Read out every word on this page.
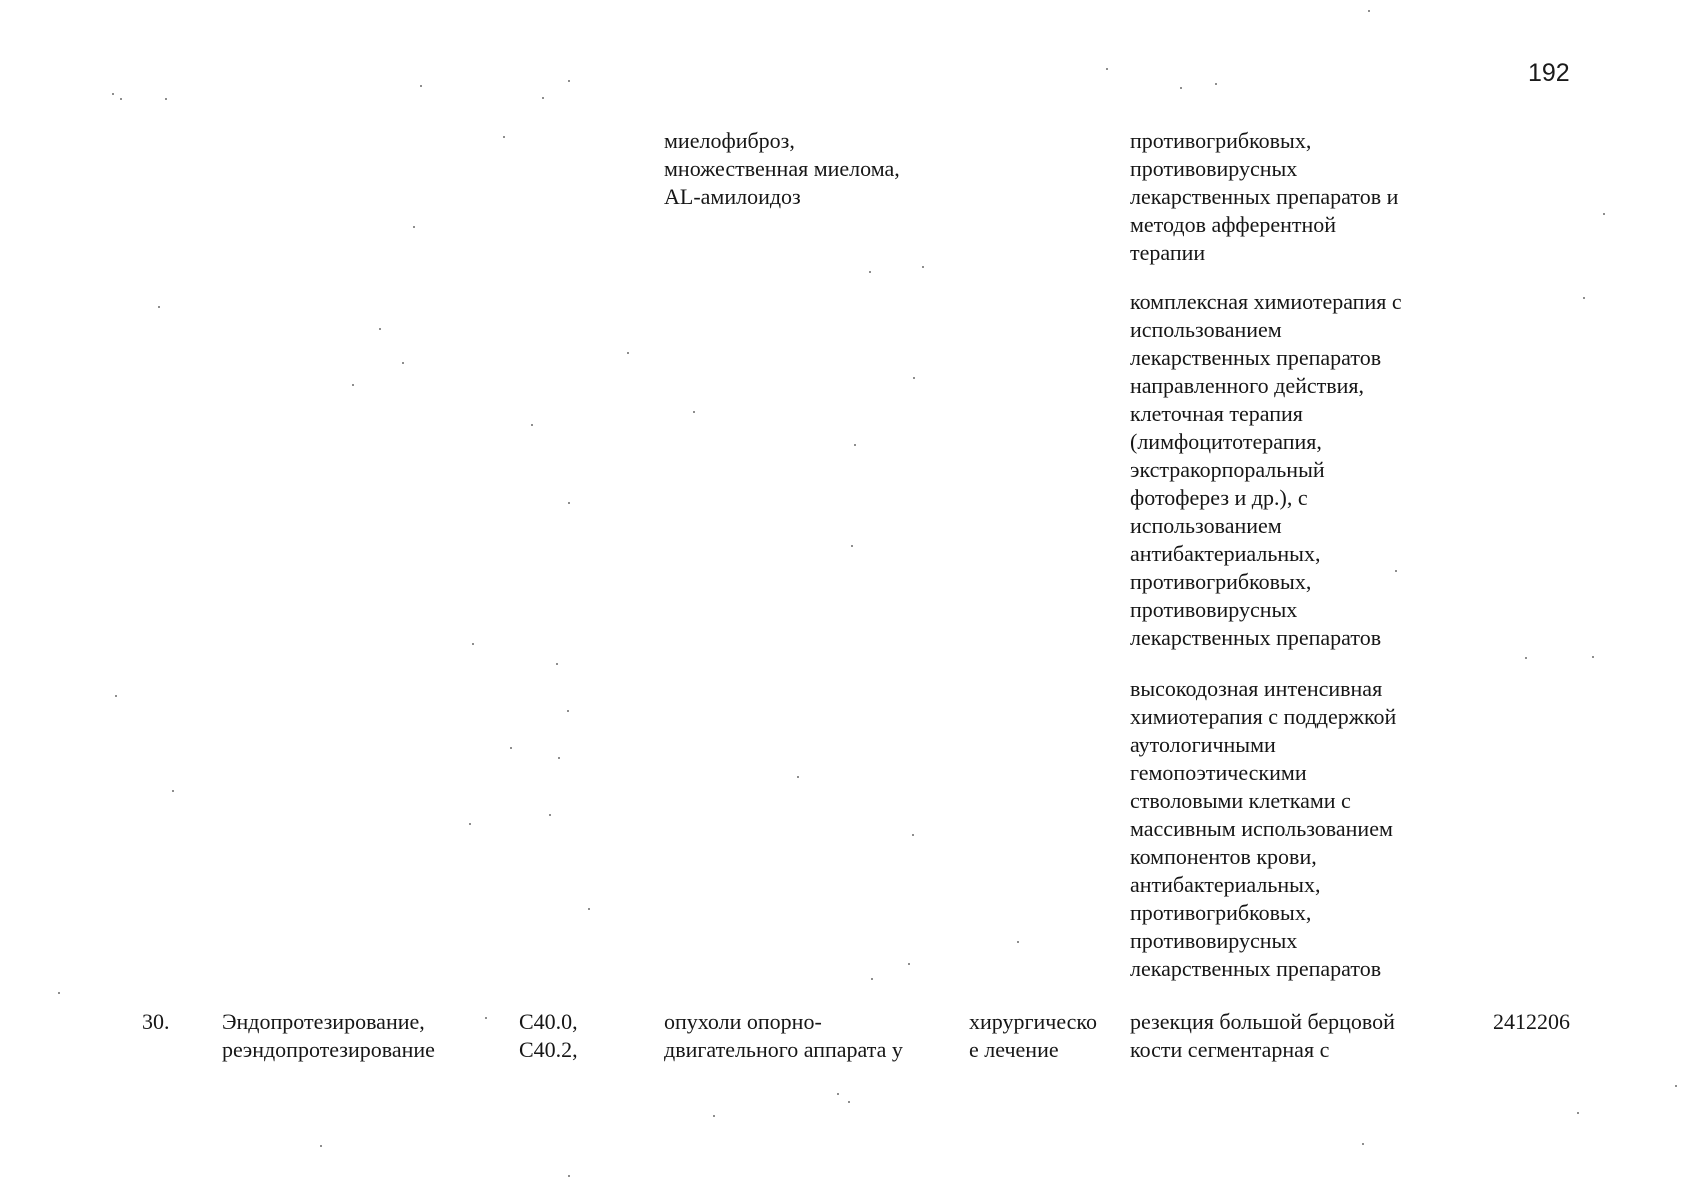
192
миелофиброз,
множественная миелома,
AL-амилоидоз
противогрибковых,
противовирусных
лекарственных препаратов и
методов афферентной
терапии
комплексная химиотерапия с
использованием
лекарственных препаратов
направленного действия,
клеточная терапия
(лимфоцитотерапия,
экстракорпоральный
фотоферез и др.), с
использованием
антибактериальных,
противогрибковых,
противовирусных
лекарственных препаратов
высокодозная интенсивная
химиотерапия с поддержкой
аутологичными
гемопоэтическими
стволовыми клетками с
массивным использованием
компонентов крови,
антибактериальных,
противогрибковых,
противовирусных
лекарственных препаратов
30. Эндопротезирование,
реэндопротезирование
C40.0,
C40.2,
опухоли опорно-
двигательного аппарата у
хирургическо
е лечение
резекция большой берцовой
кости сегментарная с
2412206
